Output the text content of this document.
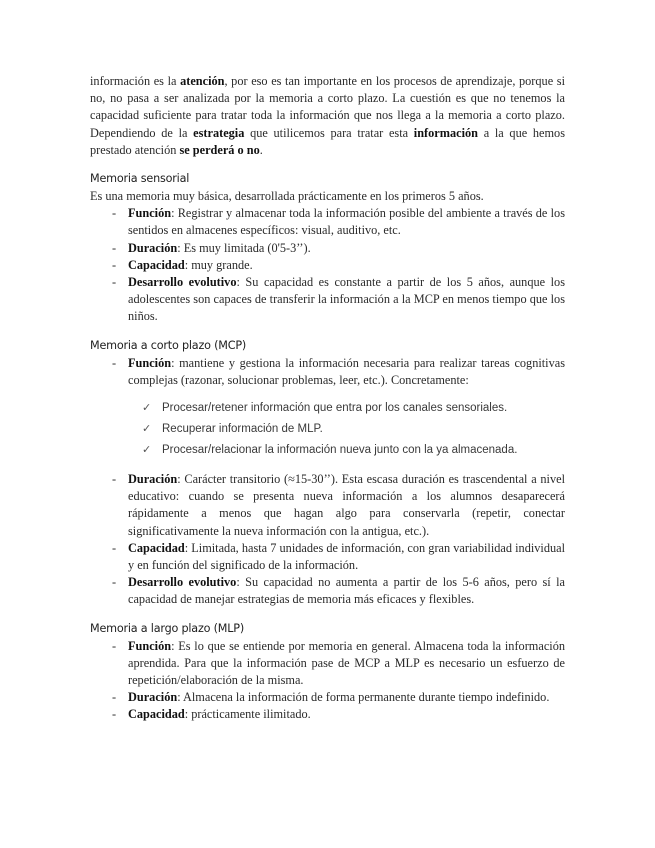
información es la atención, por eso es tan importante en los procesos de aprendizaje, porque si no, no pasa a ser analizada por la memoria a corto plazo. La cuestión es que no tenemos la capacidad suficiente para tratar toda la información que nos llega a la memoria a corto plazo. Dependiendo de la estrategia que utilicemos para tratar esta información a la que hemos prestado atención se perderá o no.

Memoria sensorial

Es una memoria muy básica, desarrollada prácticamente en los primeros 5 años.

- Función: Registrar y almacenar toda la información posible del ambiente a través de los sentidos en almacenes específicos: visual, auditivo, etc.
- Duración: Es muy limitada (0'5-3’’).
- Capacidad: muy grande.
- Desarrollo evolutivo: Su capacidad es constante a partir de los 5 años, aunque los adolescentes son capaces de transferir la información a la MCP en menos tiempo que los niños.
Memoria a corto plazo (MCP)
- Función: mantiene y gestiona la información necesaria para realizar tareas cognitivas complejas (razonar, solucionar problemas, leer, etc.). Concretamente:
✓ Procesar/retener información que entra por los canales sensoriales.
✓ Recuperar información de MLP.
✓ Procesar/relacionar la información nueva junto con la ya almacenada.
- Duración: Carácter transitorio (≈15-30’’). Esta escasa duración es trascendental a nivel educativo: cuando se presenta nueva información a los alumnos desaparecerá rápidamente a menos que hagan algo para conservarla (repetir, conectar significativamente la nueva información con la antigua, etc.).
- Capacidad: Limitada, hasta 7 unidades de información, con gran variabilidad individual y en función del significado de la información.
- Desarrollo evolutivo: Su capacidad no aumenta a partir de los 5-6 años, pero sí la capacidad de manejar estrategias de memoria más eficaces y flexibles.
Memoria a largo plazo (MLP)
- Función: Es lo que se entiende por memoria en general. Almacena toda la información aprendida. Para que la información pase de MCP a MLP es necesario un esfuerzo de repetición/elaboración de la misma.
- Duración: Almacena la información de forma permanente durante tiempo indefinido.
- Capacidad: prácticamente ilimitado.
